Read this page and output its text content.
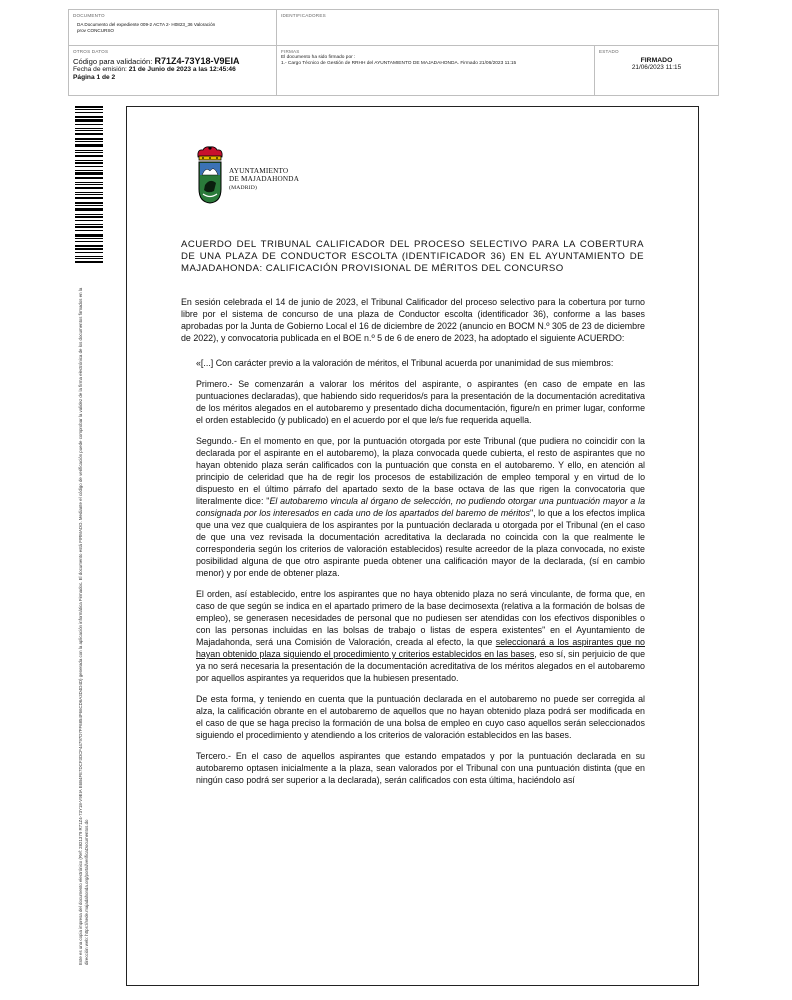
DOCUMENTO
DA Documento del expediente 009-2 ACTA 2- H0823_36 Valoración
prov CONCURSO
IDENTIFICADORES
OTROS DATOS
Código para validación: R71Z4-73Y18-V9EIA
Fecha de emisión: 21 de Junio de 2023 a las 12:45:46
Página 1 de 2
FIRMAS
El documento ha sido firmado por :
1.- Cargo Técnico de Gestión de RRHH del AYUNTAMIENTO DE MAJADAHONDA. Firmado 21/06/2023 11:15
ESTADO
FIRMADO
21/06/2023 11:15
Este es una copia impresa del documento electrónico (Ref: 2821379 R71Z4-73Y18-V9EIA E6B4FE7DCF3DCF44797D7FF6854F66CD6A3D4D4D) generada con la aplicación informática Firmadoc. El documento está FIRMADO. Mediante el código de verificación puede comprobar la validez de la firma electrónica de los documentos firmados en la dirección web: https://sede.majadahonda.org/portal/verificaDocumentos.do
AYUNTAMIENTO
DE MAJADAHONDA
(MADRID)
ACUERDO DEL TRIBUNAL CALIFICADOR DEL PROCESO SELECTIVO PARA LA COBERTURA DE UNA PLAZA DE CONDUCTOR ESCOLTA (IDENTIFICADOR 36) EN EL AYUNTAMIENTO DE MAJADAHONDA: CALIFICACIÓN PROVISIONAL DE MÉRITOS DEL CONCURSO

En sesión celebrada el 14 de junio de 2023, el Tribunal Calificador del proceso selectivo para la cobertura por turno libre por el sistema de concurso de una plaza de Conductor escolta (identificador 36), conforme a las bases aprobadas por la Junta de Gobierno Local el 16 de diciembre de 2022 (anuncio en BOCM N.º 305 de 23 de diciembre de 2022), y convocatoria publicada en el BOE n.º 5 de 6 de enero de 2023, ha adoptado el siguiente ACUERDO:

«[...] Con carácter previo a la valoración de méritos, el Tribunal acuerda por unanimidad de sus miembros:

Primero.- Se comenzarán a valorar los méritos del aspirante, o aspirantes (en caso de empate en las puntuaciones declaradas), que habiendo sido requeridos/s para la presentación de la documentación acreditativa de los méritos alegados en el autobaremo y presentado dicha documentación, figure/n en primer lugar, conforme el orden establecido (y publicado) en el acuerdo por el que le/s fue requerida aquella.

Segundo.- En el momento en que, por la puntuación otorgada por este Tribunal (que pudiera no coincidir con la declarada por el aspirante en el autobaremo), la plaza convocada quede cubierta, el resto de aspirantes que no hayan obtenido plaza serán calificados con la puntuación que consta en el autobaremo. Y ello, en atención al principio de celeridad que ha de regir los procesos de estabilización de empleo temporal y en virtud de lo dispuesto en el último párrafo del apartado sexto de la base octava de las que rigen la convocatoria que literalmente dice: "El autobaremo vincula al órgano de selección, no pudiendo otorgar una puntuación mayor a la consignada por los interesados en cada uno de los apartados del baremo de méritos", lo que a los efectos implica que una vez que cualquiera de los aspirantes por la puntuación declarada u otorgada por el Tribunal (en el caso de que una vez revisada la documentación acreditativa la declarada no coincida con la que realmente le corresponderia según los criterios de valoración establecidos) resulte acreedor de la plaza convocada, no existe posibilidad alguna de que otro aspirante pueda obtener una calificación mayor de la declarada, (sí en cambio menor) y por ende de obtener plaza.

El orden, así establecido, entre los aspirantes que no haya obtenido plaza no será vinculante, de forma que, en caso de que según se indica en el apartado primero de la base decimosexta (relativa a la formación de bolsas de empleo), se generasen necesidades de personal que no pudiesen ser atendidas con los efectivos disponibles o con las personas incluidas en las bolsas de trabajo o listas de espera existentes" en el Ayuntamiento de Majadahonda, será una Comisión de Valoración, creada al efecto, la que seleccionará a los aspirantes que no hayan obtenido plaza siguiendo el procedimiento y criterios establecidos en las bases, eso sí, sin perjuicio de que ya no será necesaria la presentación de la documentación acreditativa de los méritos alegados en el autobaremo por aquellos aspirantes ya requeridos que la hubiesen presentado.

De esta forma, y teniendo en cuenta que la puntuación declarada en el autobaremo no puede ser corregida al alza, la calificación obrante en el autobaremo de aquellos que no hayan obtenido plaza podrá ser modificada en el caso de que se haga preciso la formación de una bolsa de empleo en cuyo caso aquellos serán seleccionados siguiendo el procedimiento y atendiendo a los criterios de valoración establecidos en las bases.

Tercero.- En el caso de aquellos aspirantes que estando empatados y por la puntuación declarada en su autobaremo optasen inicialmente a la plaza, sean valorados por el Tribunal con una puntuación distinta (que en ningún caso podrá ser superior a la declarada), serán calificados con esta última, haciéndolo así
